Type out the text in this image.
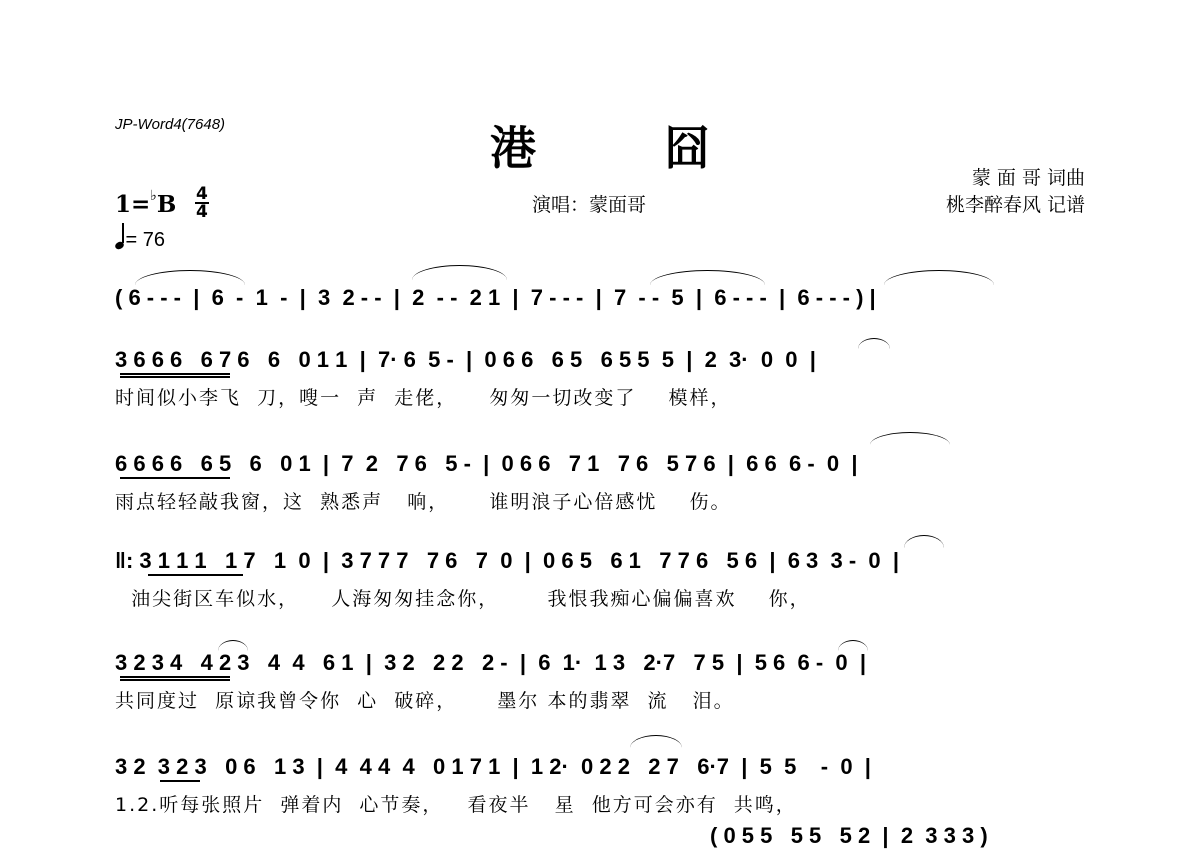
JP-Word4(7648)	港 囧
蒙 面 哥 词曲
桃李醉春风 记谱
演唱：蒙面哥
1=♭B 4
4
= 76
( 6 - - -  |  6  -  1  -  |  3  2 - -  |  2  - -  2 1  |  7 - - -  |  7  - -  5  |  6 - - -  |  6 - - - ) |
3 6 6 6   6 7 6   6   0 1 1  |  7· 6  5 -  |  0 6 6   6 5   6 5 5  5  |  2  3·  0  0  |
时间似小李飞  刀，嗖一  声  走佬，    匆匆一切改变了    模样，
6 6 6 6   6 5   6   0 1  |  7  2   7 6   5 -  |  0 6 6   7 1   7 6   5 7 6  |  6 6  6 -  0  |
雨点轻轻敲我窗，这  熟悉声   响，     谁明浪子心倍感忧    伤。
‖: 3 1 1 1   1 7   1  0  |  3 7 7 7   7 6   7  0  |  0 6 5   6 1   7 7 6   5 6  |  6 3  3 -  0  |
油尖街区车似水，    人海匆匆挂念你，      我恨我痴心偏偏喜欢    你，
3 2 3 4   4 2 3   4  4   6 1  |  3 2   2 2   2 -  |  6  1·  1 3   2·7   7 5  |  5 6  6 -  0  |
共同度过  原谅我曾令你  心  破碎，     墨尔 本的翡翠  流   泪。
3 2  3 2 3   0 6   1 3  |  4  4 4  4   0 1 7 1  |  1 2·  0 2 2   2 7   6·7  |  5  5    -  0  |
1.2.听每张照片  弹着内  心节奏，   看夜半   星  他方可会亦有  共鸣，
( 0 5 5   5 5   5 2  |  2  3 3 3 )
